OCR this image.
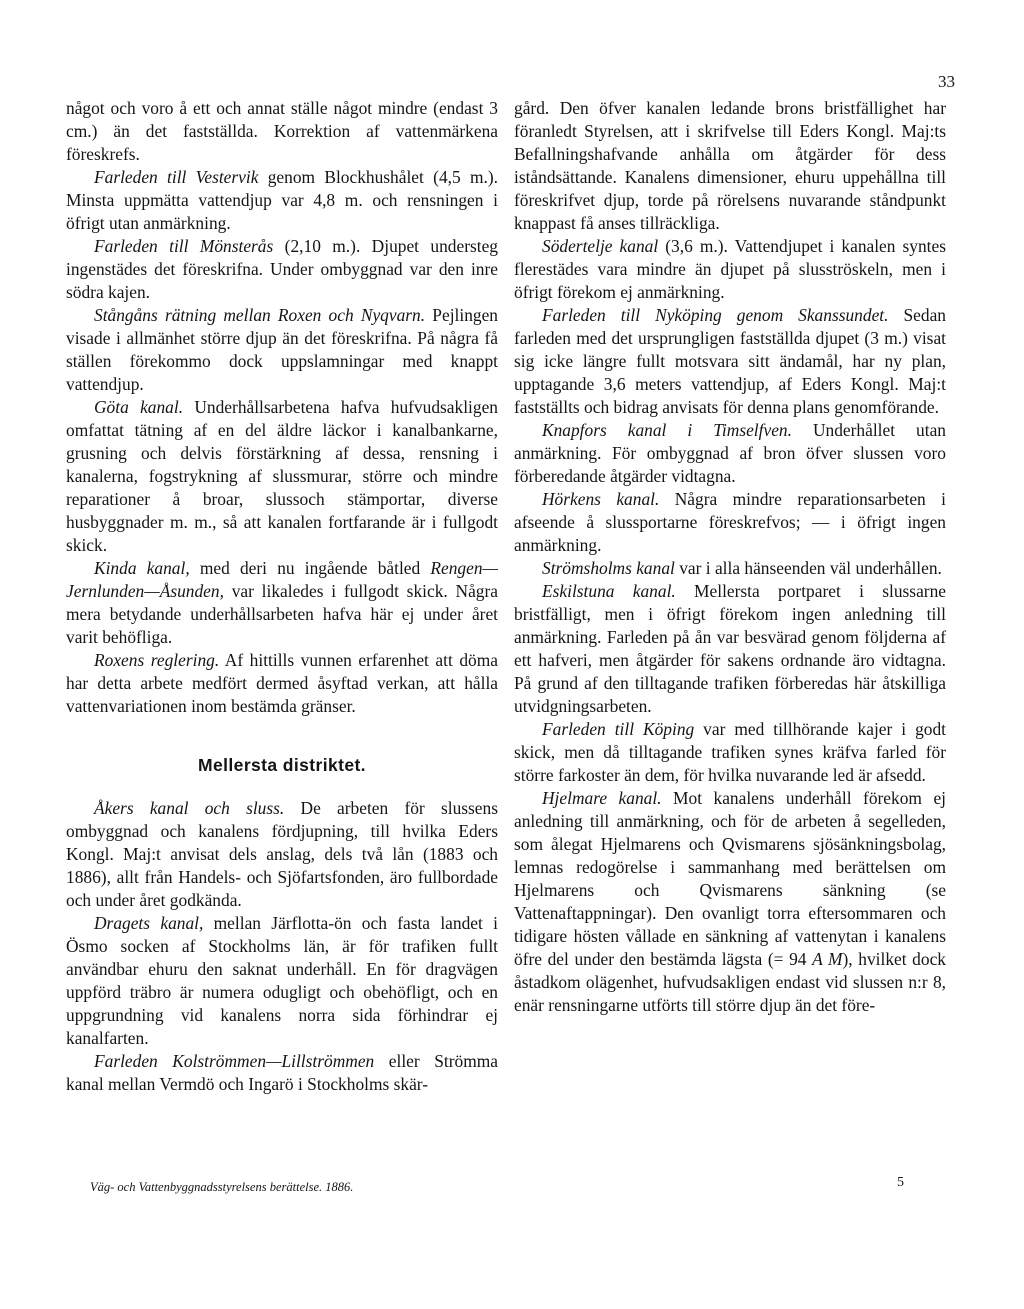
33

något och voro å ett och annat ställe något mindre (endast 3 cm.) än det fastställda. Korrektion af vattenmärkena föreskrefs.

Farleden till Vestervik genom Blockhushålet (4,5 m.). Minsta uppmätta vattendjup var 4,8 m. och rensningen i öfrigt utan anmärkning.

Farleden till Mönsterås (2,10 m.). Djupet understeg ingenstädes det föreskrifna. Under ombyggnad var den inre södra kajen.

Stångåns rätning mellan Roxen och Nyqvarn. Pejlingen visade i allmänhet större djup än det föreskrifna. På några få ställen förekommo dock uppslamningar med knappt vattendjup.

Göta kanal. Underhållsarbetena hafva hufvudsakligen omfattat tätning af en del äldre läckor i kanalbankarne, grusning och delvis förstärkning af dessa, rensning i kanalerna, fogstrykning af slussmurar, större och mindre reparationer å broar, slussoch stämportar, diverse husbyggnader m. m., så att kanalen fortfarande är i fullgodt skick.

Kinda kanal, med deri nu ingående båtled Rengen—Jernlunden—Åsunden, var likaledes i fullgodt skick. Några mera betydande underhållsarbeten hafva här ej under året varit behöfliga.

Roxens reglering. Af hittills vunnen erfarenhet att döma har detta arbete medfört dermed åsyftad verkan, att hålla vattenvariationen inom bestämda gränser.

Mellersta distriktet.

Åkers kanal och sluss. De arbeten för slussens ombyggnad och kanalens fördjupning, till hvilka Eders Kongl. Maj:t anvisat dels anslag, dels två lån (1883 och 1886), allt från Handels- och Sjöfartsfonden, äro fullbordade och under året godkända.

Dragets kanal, mellan Järflotta-ön och fasta landet i Ösmo socken af Stockholms län, är för trafiken fullt användbar ehuru den saknat underhåll. En för dragvägen uppförd träbro är numera odugligt och obehöfligt, och en uppgrundning vid kanalens norra sida förhindrar ej kanalfarten.

Farleden Kolströmmen—Lillströmmen eller Strömma kanal mellan Vermdö och Ingarö i Stockholms skär-

gård. Den öfver kanalen ledande brons bristfällighet har föranledt Styrelsen, att i skrifvelse till Eders Kongl. Maj:ts Befallningshafvande anhålla om åtgärder för dess iståndsättande. Kanalens dimensioner, ehuru uppehållna till föreskrifvet djup, torde på rörelsens nuvarande ståndpunkt knappast få anses tillräckliga.

Södertelje kanal (3,6 m.). Vattendjupet i kanalen syntes flerestädes vara mindre än djupet på slusströskeln, men i öfrigt förekom ej anmärkning.

Farleden till Nyköping genom Skanssundet. Sedan farleden med det ursprungligen fastställda djupet (3 m.) visat sig icke längre fullt motsvara sitt ändamål, har ny plan, upptagande 3,6 meters vattendjup, af Eders Kongl. Maj:t fastställts och bidrag anvisats för denna plans genomförande.

Knapfors kanal i Timselfven. Underhållet utan anmärkning. För ombyggnad af bron öfver slussen voro förberedande åtgärder vidtagna.

Hörkens kanal. Några mindre reparationsarbeten i afseende å slussportarne föreskrefvos; — i öfrigt ingen anmärkning.

Strömsholms kanal var i alla hänseenden väl underhållen.

Eskilstuna kanal. Mellersta portparet i slussarne bristfälligt, men i öfrigt förekom ingen anledning till anmärkning. Farleden på ån var besvärad genom följderna af ett hafveri, men åtgärder för sakens ordnande äro vidtagna. På grund af den tilltagande trafiken förberedas här åtskilliga utvidgningsarbeten.

Farleden till Köping var med tillhörande kajer i godt skick, men då tilltagande trafiken synes kräfva farled för större farkoster än dem, för hvilka nuvarande led är afsedd.

Hjelmare kanal. Mot kanalens underhåll förekom ej anledning till anmärkning, och för de arbeten å segelleden, som ålegat Hjelmarens och Qvismarens sjösänkningsbolag, lemnas redogörelse i sammanhang med berättelsen om Hjelmarens och Qvismarens sänkning (se Vattenaftappningar). Den ovanligt torra eftersommaren och tidigare hösten vållade en sänkning af vattenytan i kanalens öfre del under den bestämda lägsta (= 94 A M), hvilket dock åstadkom olägenhet, hufvudsakligen endast vid slussen n:r 8, enär rensningarne utförts till större djup än det före-

Väg- och Vattenbyggnadsstyrelsens berättelse. 1886.	5
